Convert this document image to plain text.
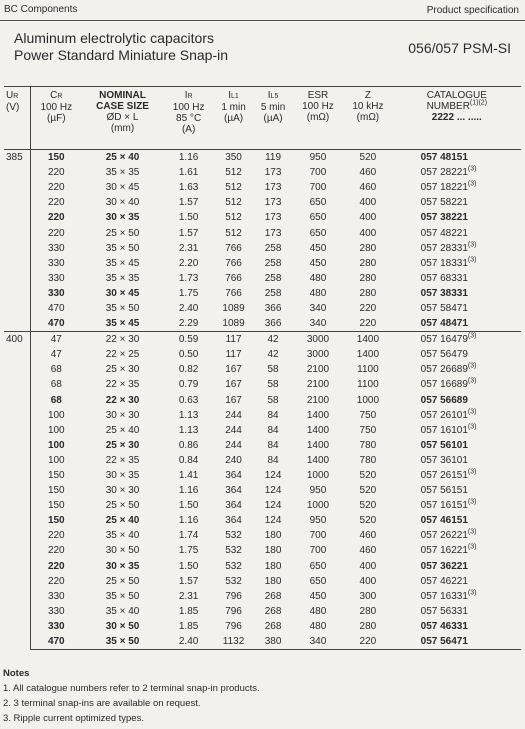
BC Components	Product specification
Aluminum electrolytic capacitors
Power Standard Miniature Snap-in	056/057 PSM-SI
UR
(V)	CR
100 Hz
(µF)	NOMINAL
CASE SIZE
ØD × L
(mm)	IR
100 Hz
85 °C
(A)	IL1
1 min
(µA)	IL5
5 min
(µA)	ESR
100 Hz
(mΩ)	Z
10 kHz
(mΩ)	CATALOGUE
$NUMBER^{(1)(2)}$
2222 ... .....
385	150	25 × 40	1.16	350	119	950	520	057 48151
	220	35 × 35	1.61	512	173	700	460	057 28221$^{(3)}$
	220	30 × 45	1.63	512	173	700	460	057 18221$^{(3)}$
	220	30 × 40	1.57	512	173	650	400	057 58221
	220	30 × 35	1.50	512	173	650	400	057 38221
	220	25 × 50	1.57	512	173	650	400	057 48221
	330	35 × 50	2.31	766	258	450	280	057 28331$^{(3)}$
	330	35 × 45	2.20	766	258	450	280	057 18331$^{(3)}$
	330	35 × 35	1.73	766	258	480	280	057 68331
	330	30 × 45	1.75	766	258	480	280	057 38331
	470	35 × 50	2.40	1089	366	340	220	057 58471
	470	35 × 45	2.29	1089	366	340	220	057 48471
400	47	22 × 30	0.59	117	42	3000	1400	057 16479$^{(3)}$
	47	22 × 25	0.50	117	42	3000	1400	057 56479
	68	25 × 30	0.82	167	58	2100	1100	057 26689$^{(3)}$
	68	22 × 35	0.79	167	58	2100	1100	057 16689$^{(3)}$
	68	22 × 30	0.63	167	58	2100	1000	057 56689
	100	30 × 30	1.13	244	84	1400	750	057 26101$^{(3)}$
	100	25 × 40	1.13	244	84	1400	750	057 16101$^{(3)}$
	100	25 × 30	0.86	244	84	1400	780	057 56101
	100	22 × 35	0.84	240	84	1400	780	057 36101
	150	30 × 35	1.41	364	124	1000	520	057 26151$^{(3)}$
	150	30 × 30	1.16	364	124	950	520	057 56151
	150	25 × 50	1.50	364	124	1000	520	057 16151$^{(3)}$
	150	25 × 40	1.16	364	124	950	520	057 46151
	220	35 × 40	1.74	532	180	700	460	057 26221$^{(3)}$
	220	30 × 50	1.75	532	180	700	460	057 16221$^{(3)}$
	220	30 × 35	1.50	532	180	650	400	057 36221
	220	25 × 50	1.57	532	180	650	400	057 46221
	330	35 × 50	2.31	796	268	450	300	057 16331$^{(3)}$
	330	35 × 40	1.85	796	268	480	280	057 56331
	330	30 × 50	1.85	796	268	480	280	057 46331
	470	35 × 50	2.40	1132	380	340	220	057 56471
Notes
1. All catalogue numbers refer to 2 terminal snap-in products.
2. 3 terminal snap-ins are available on request.
3. Ripple current optimized types.
